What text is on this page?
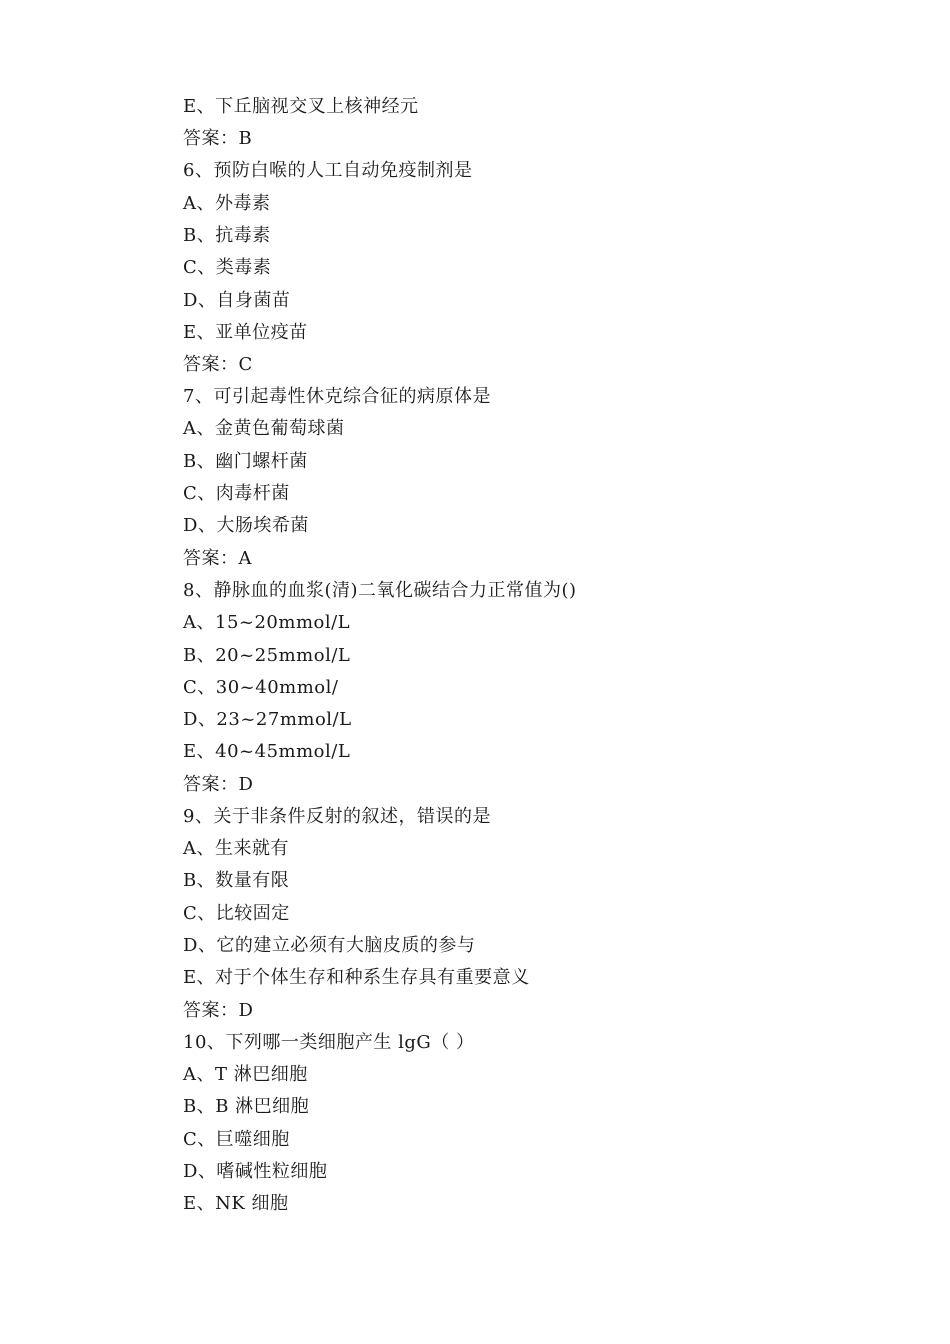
E、下丘脑视交叉上核神经元
答案：B
6、预防白喉的人工自动免疫制剂是
A、外毒素
B、抗毒素
C、类毒素
D、自身菌苗
E、亚单位疫苗
答案：C
7、可引起毒性休克综合征的病原体是
A、金黄色葡萄球菌
B、幽门螺杆菌
C、肉毒杆菌
D、大肠埃希菌
答案：A
8、静脉血的血浆(清)二氧化碳结合力正常值为()
A、15~20mmol/L
B、20~25mmol/L
C、30~40mmol/
D、23~27mmol/L
E、40~45mmol/L
答案：D
9、关于非条件反射的叙述，错误的是
A、生来就有
B、数量有限
C、比较固定
D、它的建立必须有大脑皮质的参与
E、对于个体生存和种系生存具有重要意义
答案：D
10、下列哪一类细胞产生 lgG（ ）
A、T 淋巴细胞
B、B 淋巴细胞
C、巨噬细胞
D、嗜碱性粒细胞
E、NK 细胞
